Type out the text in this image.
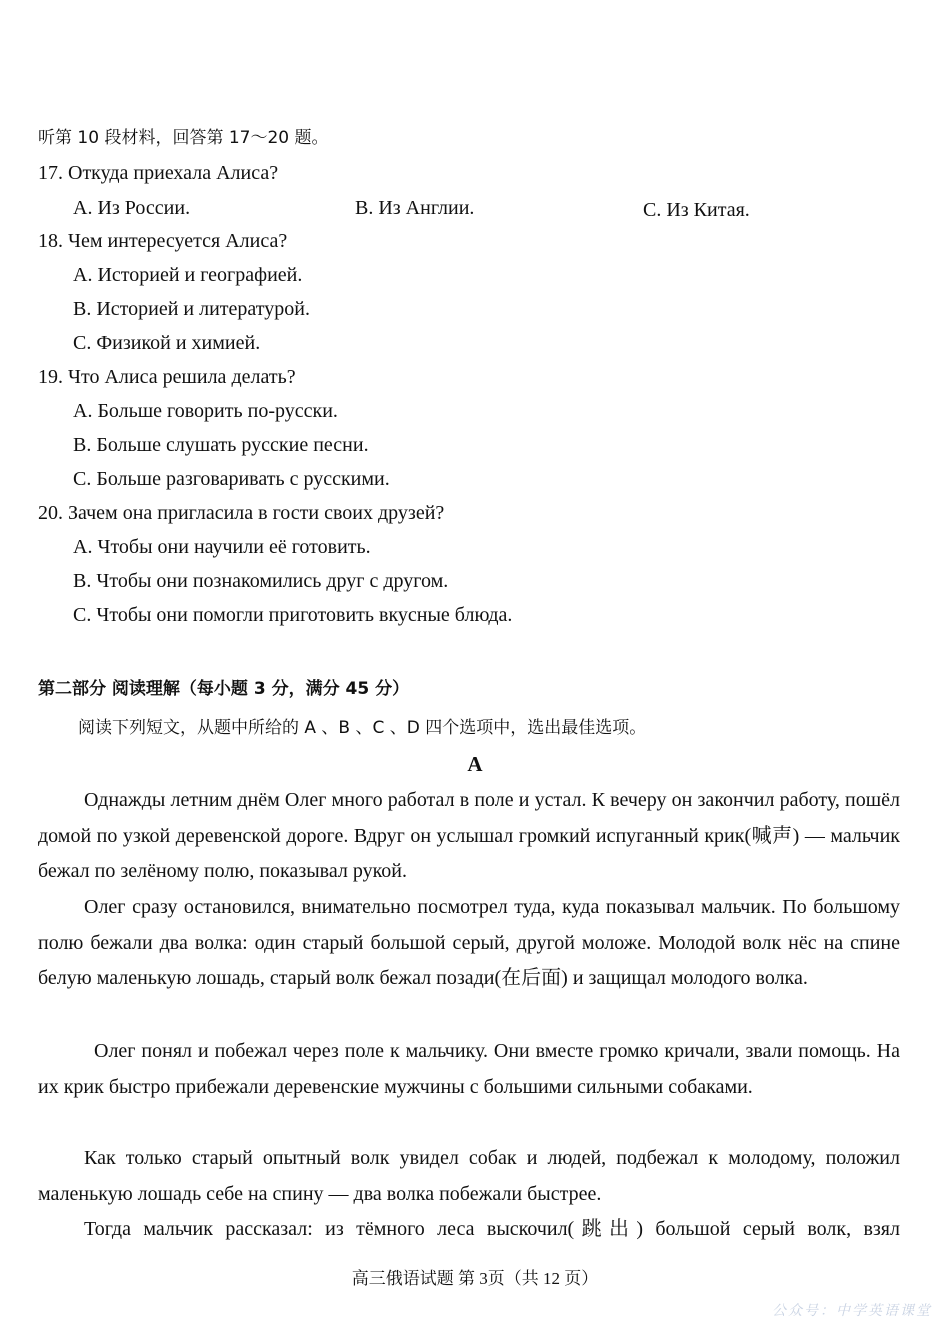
听第 10 段材料，回答第 17～20 题。
17. Откуда приехала Алиса?
A. Из России.	B. Из Англии.	C. Из Китая.
18. Чем интересуется Алиса?
A. Историей и географией.
B. Историей и литературой.
C. Физикой и химией.
19. Что Алиса решила делать?
A. Больше говорить по-русски.
B. Больше слушать русские песни.
C. Больше разговаривать с русскими.
20. Зачем она пригласила в гости своих друзей?
A. Чтобы они научили её готовить.
B. Чтобы они познакомились друг с другом.
C. Чтобы они помогли приготовить вкусные блюда.
第二部分 阅读理解（每小题 3 分，满分 45 分）
阅读下列短文，从题中所给的 A 、B 、C 、D 四个选项中，选出最佳选项。
A
Однажды летним днём Олег много работал в поле и устал. К вечеру он закончил работу, пошёл домой по узкой деревенской дороге. Вдруг он услышал громкий испуганный крик(喊声) — мальчик бежал по зелёному полю, показывал рукой.
Олег сразу остановился, внимательно посмотрел туда, куда показывал мальчик. По большому полю бежали два волка: один старый большой серый, другой моложе. Молодой волк нёс на спине белую маленькую лошадь, старый волк бежал позади(在后面) и защищал молодого волка.
Олег понял и побежал через поле к мальчику. Они вместе громко кричали, звали помощь. На их крик быстро прибежали деревенские мужчины с большими сильными собаками.
Как только старый опытный волк увидел собак и людей, подбежал к молодому, положил маленькую лошадь себе на спину — два волка побежали быстрее.
Тогда мальчик рассказал: из тёмного леса выскочил(跳出) большой серый волк, взял
高三俄语试题 第 3页（共 12 页）
公众号：中学英语课堂
